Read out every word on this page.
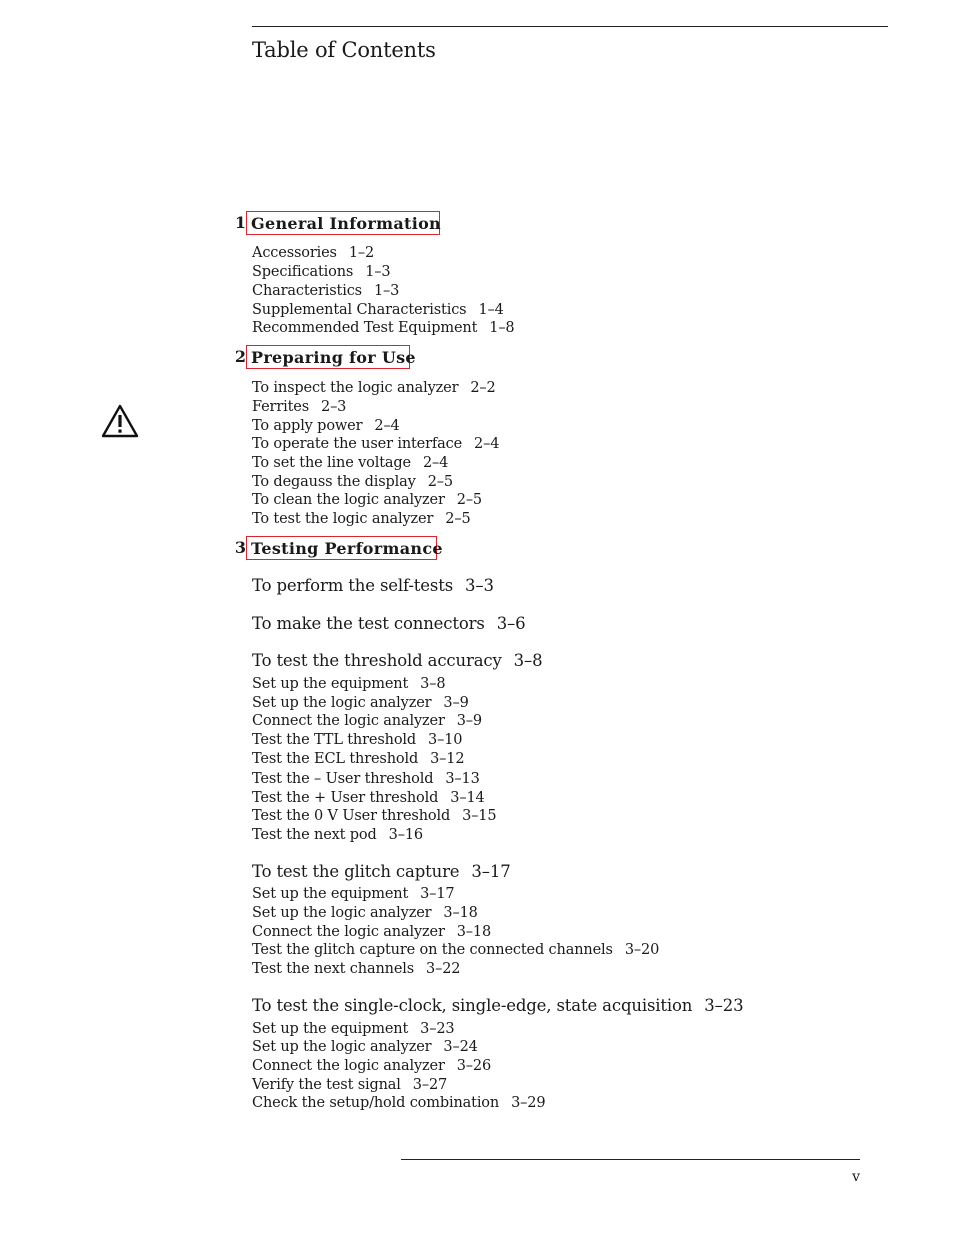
Table of Contents
1 General Information
Accessories 1–2
Specifications 1–3
Characteristics 1–3
Supplemental Characteristics 1–4
Recommended Test Equipment 1–8
2 Preparing for Use
To inspect the logic analyzer 2–2
Ferrites 2–3
To apply power 2–4
To operate the user interface 2–4
To set the line voltage 2–4
To degauss the display 2–5
To clean the logic analyzer 2–5
To test the logic analyzer 2–5
3 Testing Performance
To perform the self-tests 3–3
To make the test connectors 3–6
To test the threshold accuracy 3–8
Set up the equipment 3–8
Set up the logic analyzer 3–9
Connect the logic analyzer 3–9
Test the TTL threshold 3–10
Test the ECL threshold 3–12
Test the – User threshold 3–13
Test the + User threshold 3–14
Test the 0 V User threshold 3–15
Test the next pod 3–16
To test the glitch capture 3–17
Set up the equipment 3–17
Set up the logic analyzer 3–18
Connect the logic analyzer 3–18
Test the glitch capture on the connected channels 3–20
Test the next channels 3–22
To test the single-clock, single-edge, state acquisition 3–23
Set up the equipment 3–23
Set up the logic analyzer 3–24
Connect the logic analyzer 3–26
Verify the test signal 3–27
Check the setup/hold combination 3–29
v
